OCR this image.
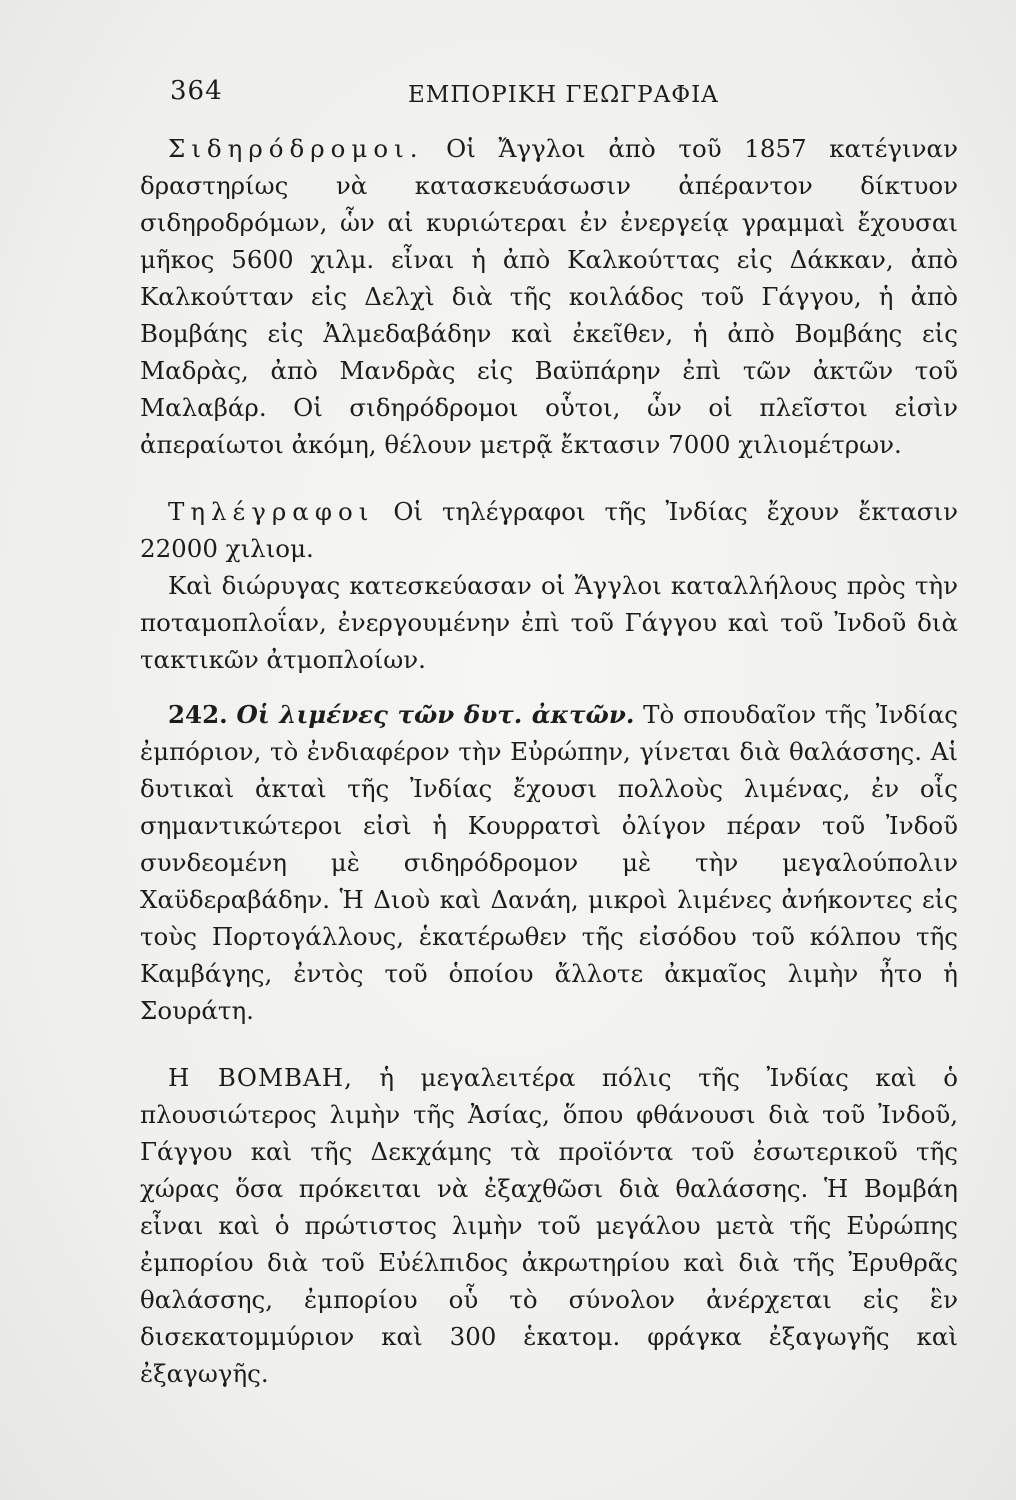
364	ΕΜΠΟΡΙΚΗ ΓΕΩΓΡΑΦΙΑ

Σιδηρόδρομοι. Οἱ Ἄγγλοι ἀπὸ τοῦ 1857 κατέγιναν δραστηρίως νὰ κατασκευάσωσιν ἀπέραντον δίκτυον σιδηροδρόμων, ὧν αἱ κυριώτεραι ἐν ἐνεργείᾳ γραμμαὶ ἔχουσαι μῆκος 5600 χιλμ. εἶναι ἡ ἀπὸ Καλκούττας εἰς Δάκκαν, ἀπὸ Καλκούτταν εἰς Δελχὶ διὰ τῆς κοιλάδος τοῦ Γάγγου, ἡ ἀπὸ Βομβάης εἰς Ἀλμεδαβάδην καὶ ἐκεῖθεν, ἡ ἀπὸ Βομβάης εἰς Μαδρὰς, ἀπὸ Μανδρὰς εἰς Βαϋπάρην ἐπὶ τῶν ἀκτῶν τοῦ Μαλαβάρ. Οἱ σιδηρόδρομοι οὗτοι, ὧν οἱ πλεῖστοι εἰσὶν ἀπεραίωτοι ἀκόμη, θέλουν μετρᾷ ἔκτασιν 7000 χιλιομέτρων.

Τηλέγραφοι Οἱ τηλέγραφοι τῆς Ἰνδίας ἔχουν ἔκτασιν 22000 χιλιομ.

Καὶ διώρυγας κατεσκεύασαν οἱ Ἄγγλοι καταλλήλους πρὸς τὴν ποταμοπλοΐαν, ἐνεργουμένην ἐπὶ τοῦ Γάγγου καὶ τοῦ Ἰνδοῦ διὰ τακτικῶν ἀτμοπλοίων.

242. Οἱ λιμένες τῶν δυτ. ἀκτῶν. Τὸ σπουδαῖον τῆς Ἰνδίας ἐμπόριον, τὸ ἐνδιαφέρον τὴν Εὐρώπην, γίνεται διὰ θαλάσσης. Αἱ δυτικαὶ ἀκταὶ τῆς Ἰνδίας ἔχουσι πολλοὺς λιμένας, ἐν οἷς σημαντικώτεροι εἰσὶ ἡ Κουρρατσὶ ὀλίγον πέραν τοῦ Ἰνδοῦ συνδεομένη μὲ σιδηρόδρομον μὲ τὴν μεγαλούπολιν Χαϋδεραβάδην. Ἡ Διοὺ καὶ Δανάη, μικροὶ λιμένες ἀνήκοντες εἰς τοὺς Πορτογάλλους, ἑκατέρωθεν τῆς εἰσόδου τοῦ κόλπου τῆς Καμβάγης, ἐντὸς τοῦ ὁποίου ἄλλοτε ἀκμαῖος λιμὴν ἦτο ἡ Σουράτη.

Η ΒΟΜΒΑΗ, ἡ μεγαλειτέρα πόλις τῆς Ἰνδίας καὶ ὁ πλουσιώτερος λιμὴν τῆς Ἀσίας, ὅπου φθάνουσι διὰ τοῦ Ἰνδοῦ, Γάγγου καὶ τῆς Δεκχάμης τὰ προϊόντα τοῦ ἐσωτερικοῦ τῆς χώρας ὅσα πρόκειται νὰ ἐξαχθῶσι διὰ θαλάσσης. Ἡ Βομβάη εἶναι καὶ ὁ πρώτιστος λιμὴν τοῦ μεγάλου μετὰ τῆς Εὐρώπης ἐμπορίου διὰ τοῦ Εὐέλπιδος ἀκρωτηρίου καὶ διὰ τῆς Ἐρυθρᾶς θαλάσσης, ἐμπορίου οὗ τὸ σύνολον ἀνέρχεται εἰς ἓν δισεκατομμύριον καὶ 300 ἑκατομ. φράγκα ἐξαγωγῆς καὶ ἐξαγωγῆς.
